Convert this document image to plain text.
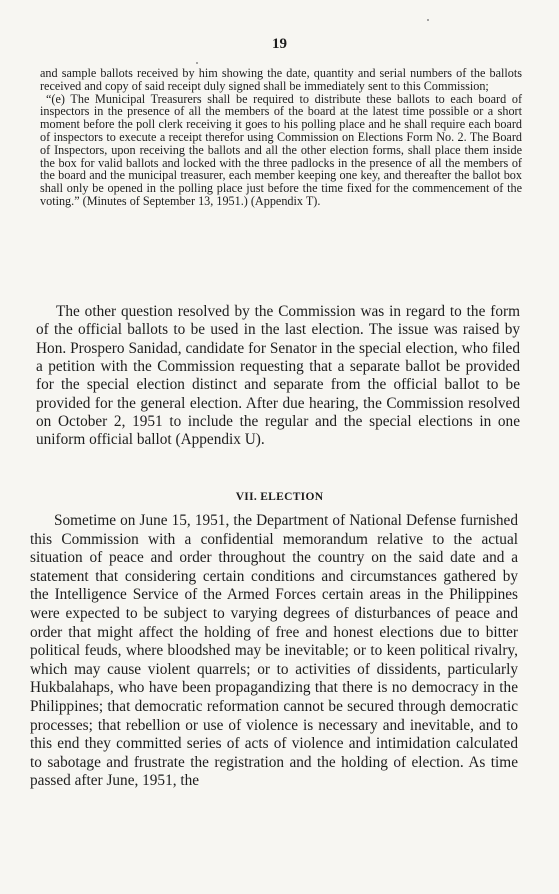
19

and sample ballots received by him showing the date, quantity and serial numbers of the ballots received and copy of said receipt duly signed shall be immediately sent to this Commission;

“(e) The Municipal Treasurers shall be required to distribute these ballots to each board of inspectors in the presence of all the members of the board at the latest time possible or a short moment before the poll clerk receiving it goes to his polling place and he shall require each board of inspectors to execute a receipt therefor using Commission on Elections Form No. 2. The Board of Inspectors, upon receiving the ballots and all the other election forms, shall place them inside the box for valid ballots and locked with the three padlocks in the presence of all the members of the board and the municipal treasurer, each member keeping one key, and thereafter the ballot box shall only be opened in the polling place just before the time fixed for the commencement of the voting.” (Minutes of September 13, 1951.) (Appendix T).

The other question resolved by the Commission was in regard to the form of the official ballots to be used in the last election. The issue was raised by Hon. Prospero Sanidad, candidate for Senator in the special election, who filed a petition with the Commission requesting that a separate ballot be provided for the special election distinct and separate from the official ballot to be provided for the general election. After due hearing, the Commission resolved on October 2, 1951 to include the regular and the special elections in one uniform official ballot (Appendix U).

VII. ELECTION

Sometime on June 15, 1951, the Department of National Defense furnished this Commission with a confidential memorandum relative to the actual situation of peace and order throughout the country on the said date and a statement that considering certain conditions and circumstances gathered by the Intelligence Service of the Armed Forces certain areas in the Philippines were expected to be subject to varying degrees of disturbances of peace and order that might affect the holding of free and honest elections due to bitter political feuds, where bloodshed may be inevitable; or to keen political rivalry, which may cause violent quarrels; or to activities of dissidents, particularly Hukbalahaps, who have been propagandizing that there is no democracy in the Philippines; that democratic reformation cannot be secured through democratic processes; that rebellion or use of violence is necessary and inevitable, and to this end they committed series of acts of violence and intimidation calculated to sabotage and frustrate the registration and the holding of election. As time passed after June, 1951, the
